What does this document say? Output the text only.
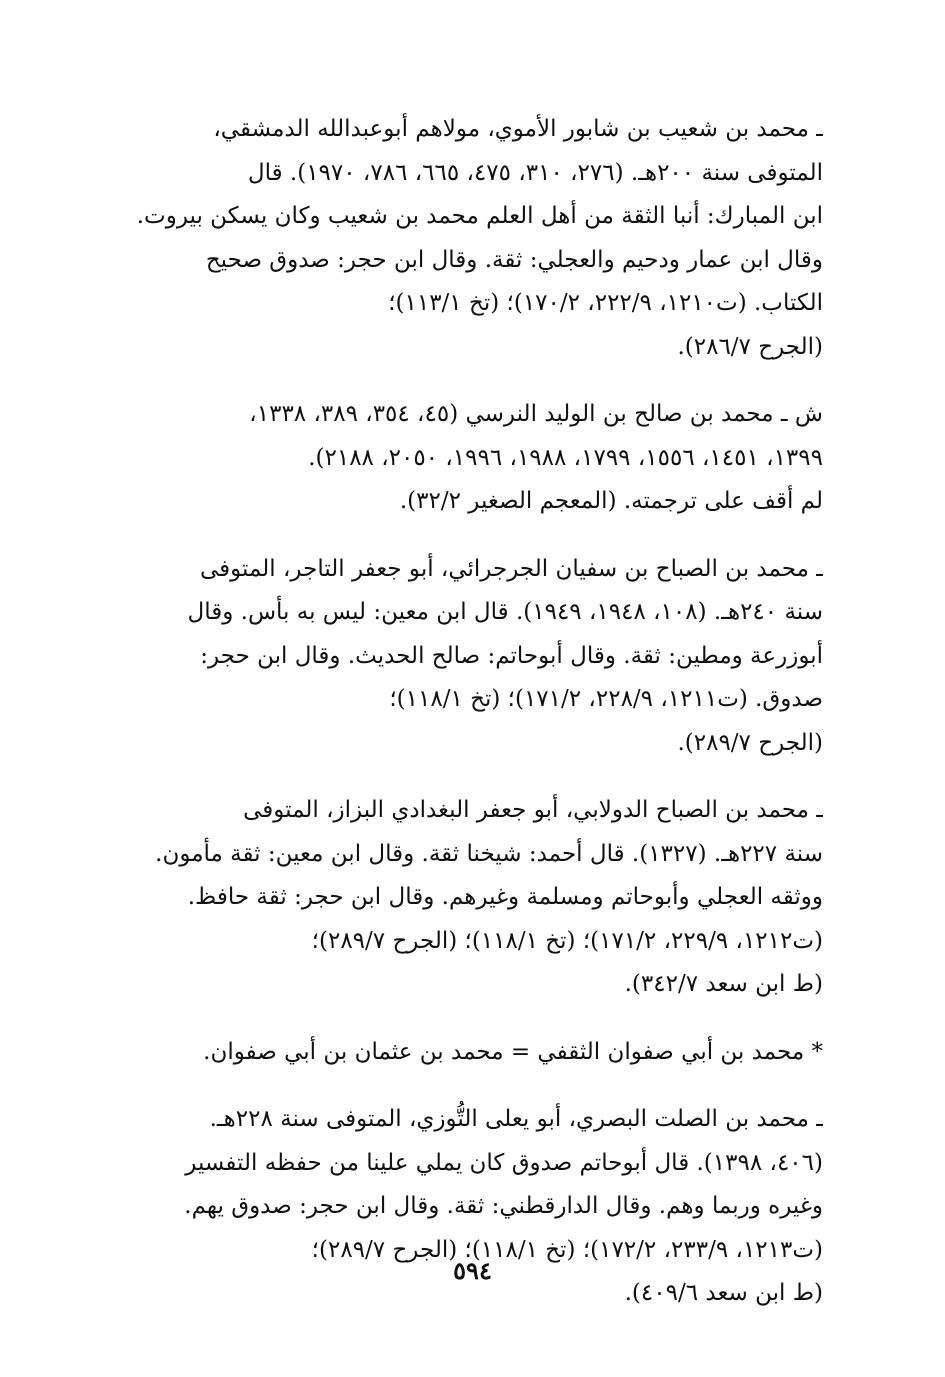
ـ محمد بن شعيب بن شابور الأموي، مولاهم أبوعبدالله الدمشقي،
المتوفى سنة ٢٠٠هـ. (٢٧٦، ٣١٠، ٤٧٥، ٦٦٥، ٧٨٦، ١٩٧٠). قال
ابن المبارك: أنبا الثقة من أهل العلم محمد بن شعيب وكان يسكن بيروت.
وقال ابن عمار ودحيم والعجلي: ثقة. وقال ابن حجر: صدوق صحيح
الكتاب. (ت١٢١٠، ٢٢٢/٩، ١٧٠/٢)؛ (تخ ١١٣/١)؛
(الجرح ٢٨٦/٧).
ش ـ محمد بن صالح بن الوليد النرسي (٤٥، ٣٥٤، ٣٨٩، ١٣٣٨،
١٣٩٩، ١٤٥١، ١٥٥٦، ١٧٩٩، ١٩٨٨، ١٩٩٦، ٢٠٥٠، ٢١٨٨).
لم أقف على ترجمته. (المعجم الصغير ٣٢/٢).
ـ محمد بن الصباح بن سفيان الجرجرائي، أبو جعفر التاجر، المتوفى
سنة ٢٤٠هـ. (١٠٨، ١٩٤٨، ١٩٤٩). قال ابن معين: ليس به بأس. وقال
أبوزرعة ومطين: ثقة. وقال أبوحاتم: صالح الحديث. وقال ابن حجر:
صدوق. (ت١٢١١، ٢٢٨/٩، ١٧١/٢)؛ (تخ ١١٨/١)؛
(الجرح ٢٨٩/٧).
ـ محمد بن الصباح الدولابي، أبو جعفر البغدادي البزاز، المتوفى
سنة ٢٢٧هـ. (١٣٢٧). قال أحمد: شيخنا ثقة. وقال ابن معين: ثقة مأمون.
ووثقه العجلي وأبوحاتم ومسلمة وغيرهم. وقال ابن حجر: ثقة حافظ.
(ت١٢١٢، ٢٢٩/٩، ١٧١/٢)؛ (تخ ١١٨/١)؛ (الجرح ٢٨٩/٧)؛
(ط ابن سعد ٣٤٢/٧).
* محمد بن أبي صفوان الثقفي = محمد بن عثمان بن أبي صفوان.
ـ محمد بن الصلت البصري، أبو يعلى التُّوزي، المتوفى سنة ٢٢٨هـ.
(٤٠٦، ١٣٩٨). قال أبوحاتم صدوق كان يملي علينا من حفظه التفسير
وغيره وربما وهم. وقال الدارقطني: ثقة. وقال ابن حجر: صدوق يهم.
(ت١٢١٣، ٢٣٣/٩، ١٧٢/٢)؛ (تخ ١١٨/١)؛ (الجرح ٢٨٩/٧)؛
(ط ابن سعد ٤٠٩/٦).
٥٩٤
